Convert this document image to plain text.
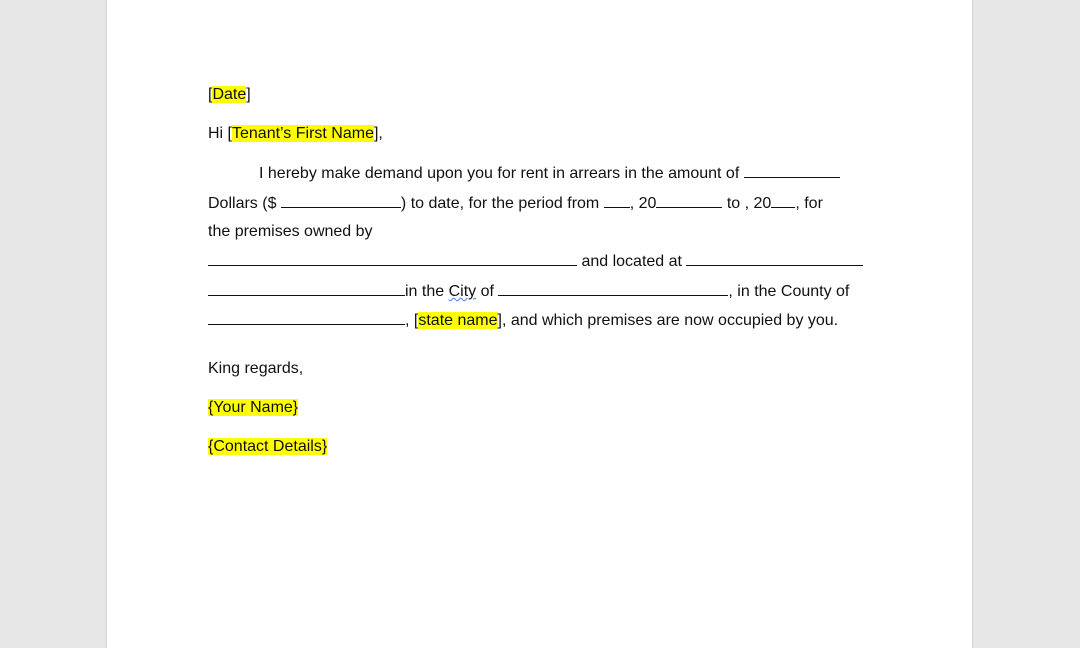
[Date]

Hi [Tenant’s First Name],

I hereby make demand upon you for rent in arrears in the amount of

Dollars ($	) to date, for the period from , 20	to , 20 , for

the premises owned by

and located at

in the City of	, in the County of

, [state name], and which premises are now occupied by you.

King regards,

{Your Name}

{Contact Details}
